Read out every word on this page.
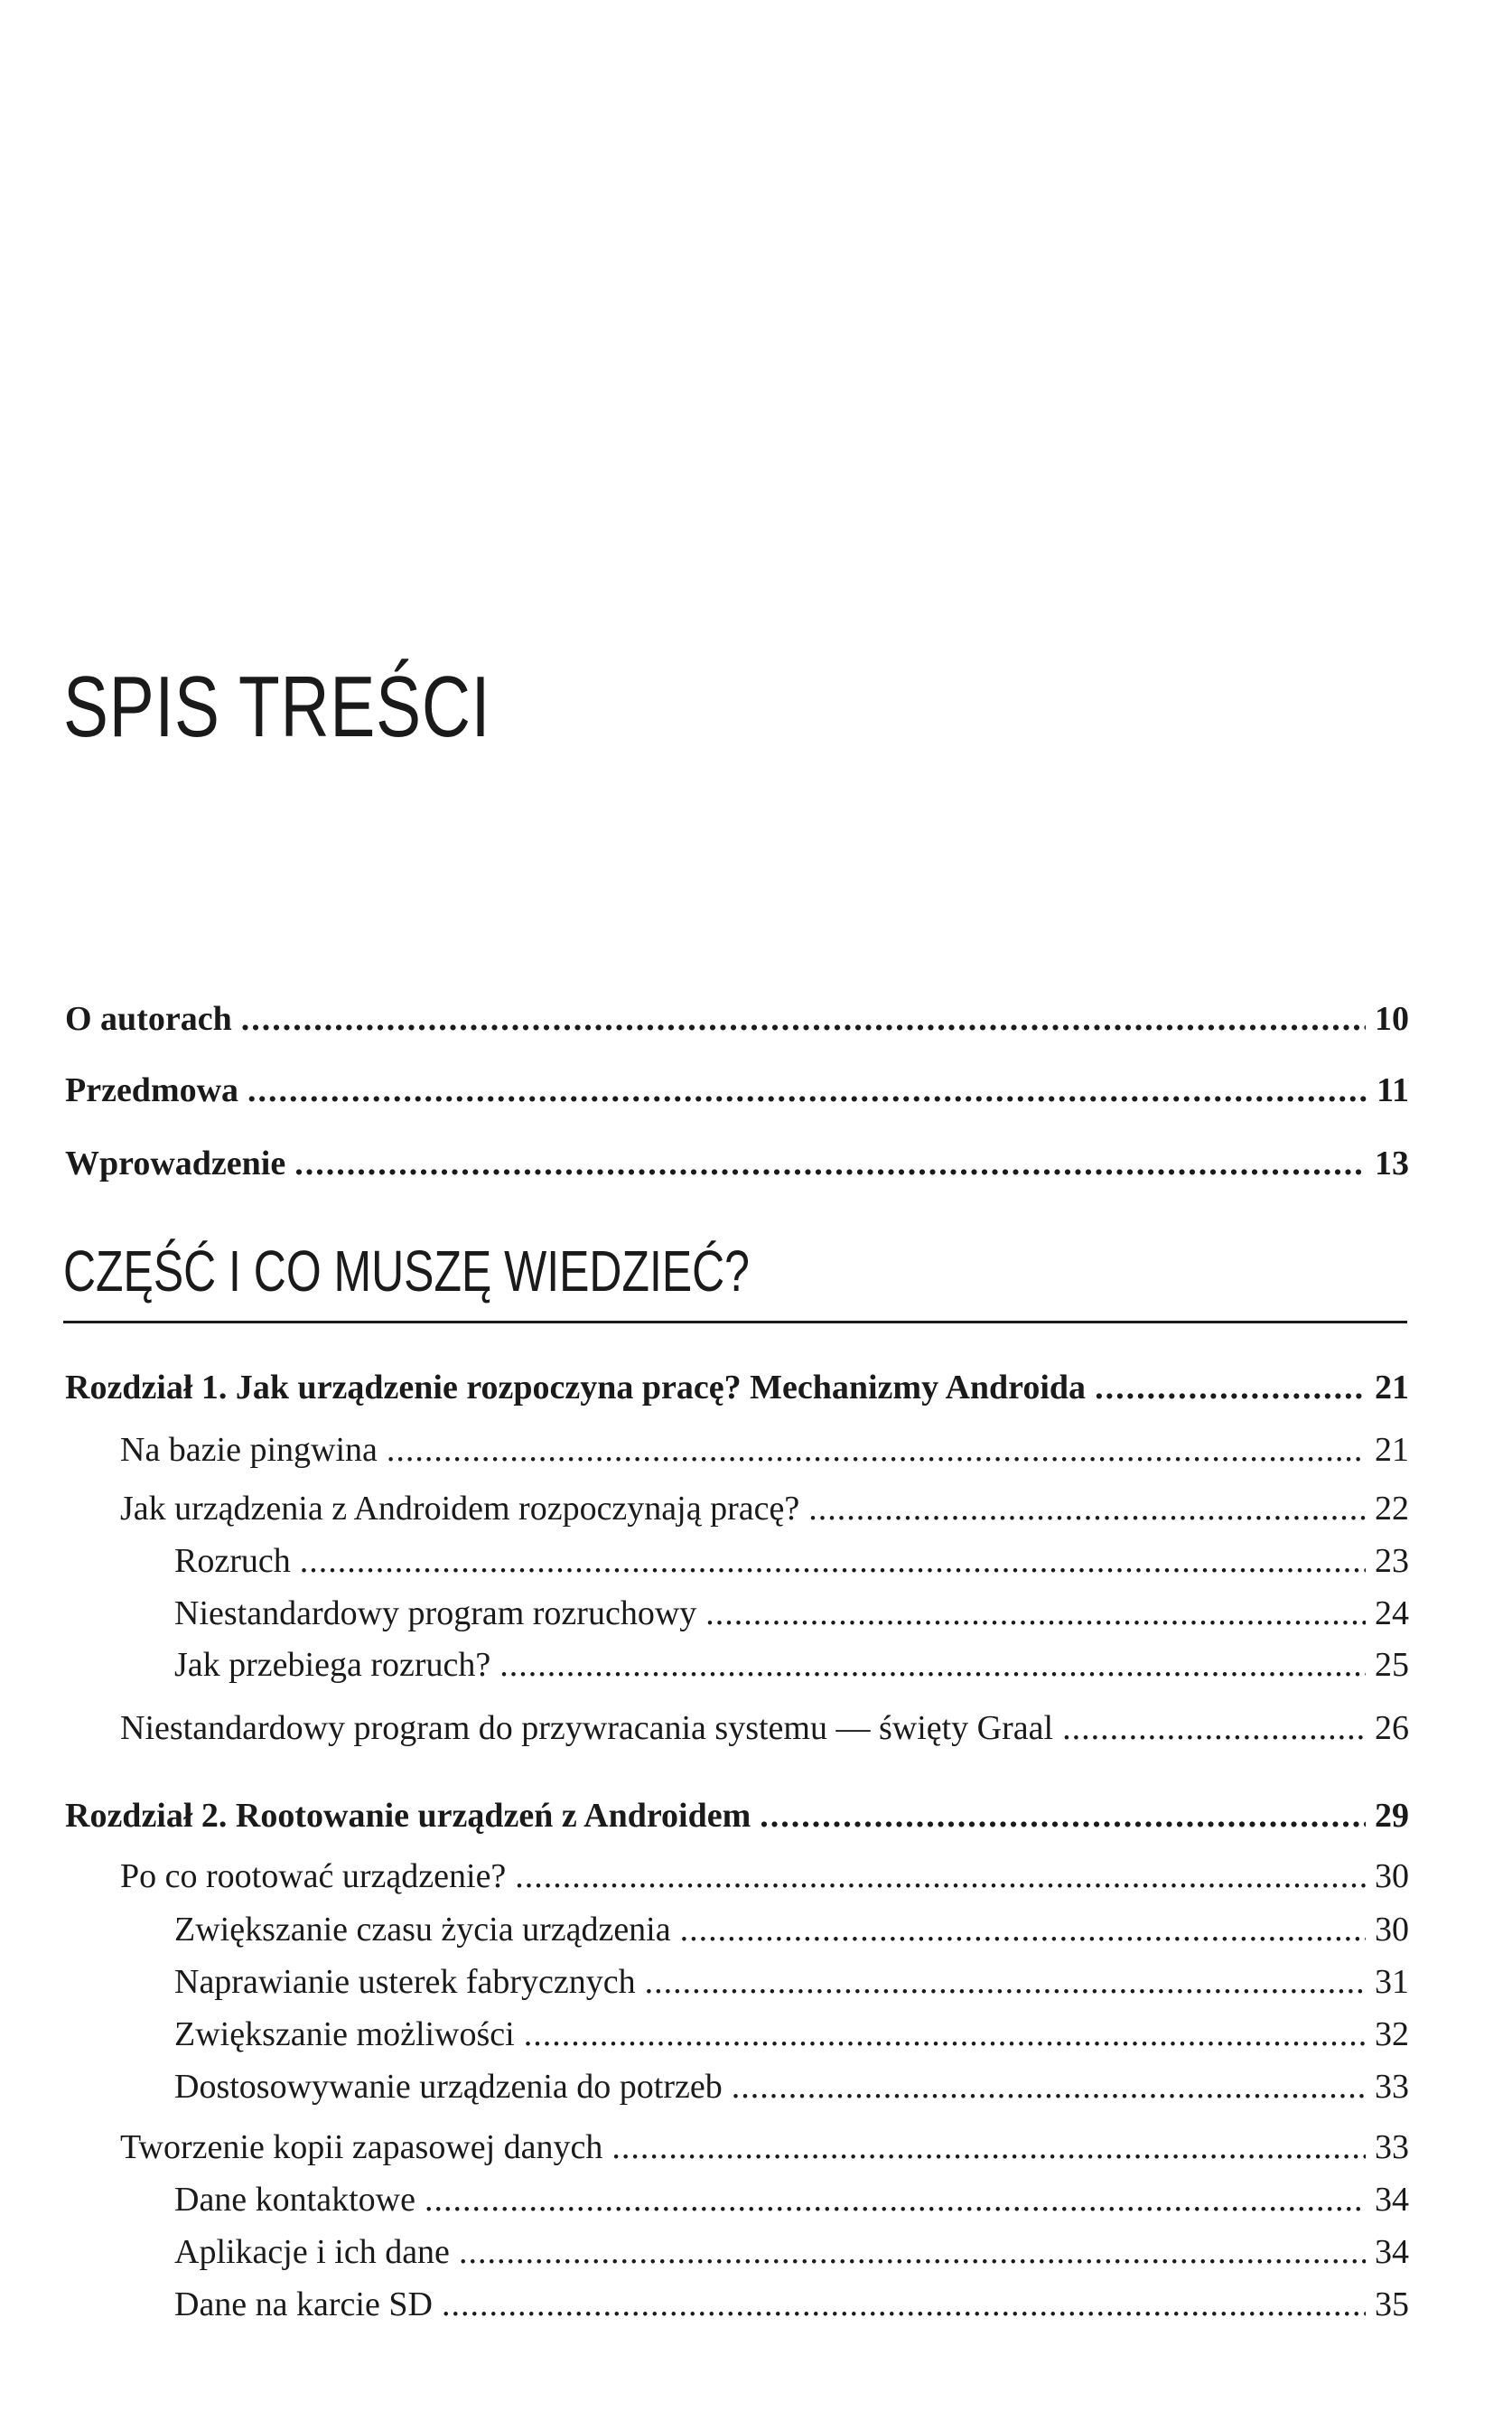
SPIS TREŚCI
O autorach .....	10
Przedmowa .....	11
Wprowadzenie .....	13
CZĘŚĆ I CO MUSZĘ WIEDZIEĆ?
Rozdział 1. Jak urządzenie rozpoczyna pracę? Mechanizmy Androida .....	21
Na bazie pingwina .....	21
Jak urządzenia z Androidem rozpoczynają pracę? .....	22
Rozruch .....	23
Niestandardowy program rozruchowy .....	24
Jak przebiega rozruch? .....	25
Niestandardowy program do przywracania systemu — święty Graal .....	26
Rozdział 2. Rootowanie urządzeń z Androidem .....	29
Po co rootować urządzenie? .....	30
Zwiększanie czasu życia urządzenia .....	30
Naprawianie usterek fabrycznych .....	31
Zwiększanie możliwości .....	32
Dostosowywanie urządzenia do potrzeb .....	33
Tworzenie kopii zapasowej danych .....	33
Dane kontaktowe .....	34
Aplikacje i ich dane .....	34
Dane na karcie SD .....	35
